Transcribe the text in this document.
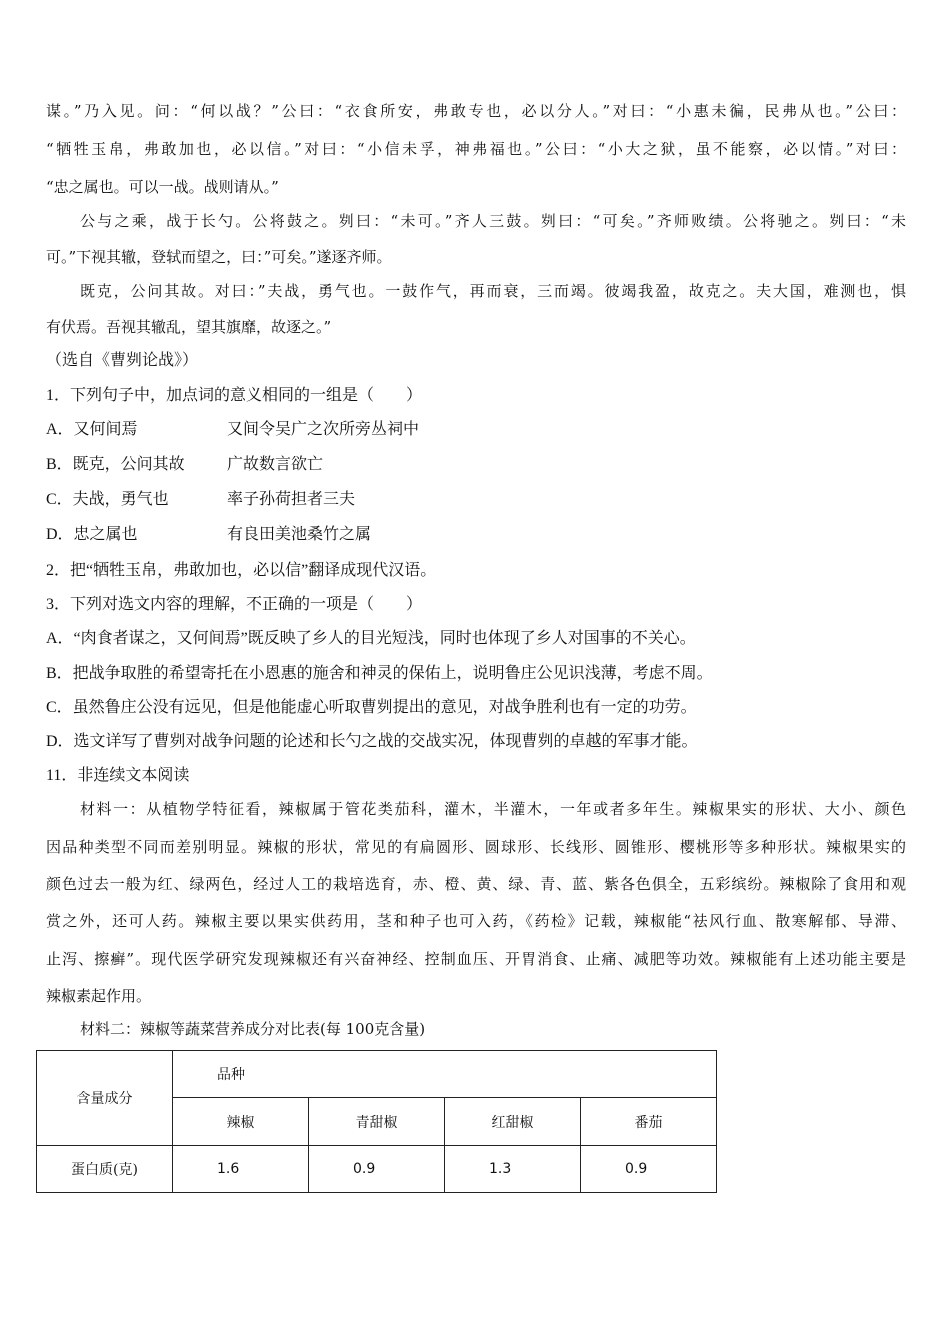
谋。”乃入见。问：“何以战？”公曰：“衣食所安，弗敢专也，必以分人。”对曰：“小惠未徧，民弗从也。”公曰：
“牺牲玉帛，弗敢加也，必以信。”对曰：“小信未孚，神弗福也。”公曰：“小大之狱，虽不能察，必以情。”对曰：
“忠之属也。可以一战。战则请从。”
公与之乘，战于长勺。公将鼓之。刿曰：“未可。”齐人三鼓。刿曰：“可矣。”齐师败绩。公将驰之。刿曰：“未
可。”下视其辙，登轼而望之，曰：”可矣。”遂逐齐师。
既克，公问其故。对曰：”夫战，勇气也。一鼓作气，再而衰，三而竭。彼竭我盈，故克之。夫大国，难测也，惧
有伏焉。吾视其辙乱，望其旗靡，故逐之。”
（选自《曹刿论战》）
1．下列句子中，加点词的意义相同的一组是（　　）
A．又何间焉	又间令吴广之次所旁丛祠中
B．既克，公问其故	广故数言欲亡
C．夫战，勇气也	率子孙荷担者三夫
D．忠之属也	有良田美池桑竹之属
2．把“牺牲玉帛，弗敢加也，必以信”翻译成现代汉语。
3．下列对选文内容的理解，不正确的一项是（　　）
A．“肉食者谋之，又何间焉”既反映了乡人的目光短浅，同时也体现了乡人对国事的不关心。
B．把战争取胜的希望寄托在小恩惠的施舍和神灵的保佑上，说明鲁庄公见识浅薄，考虑不周。
C．虽然鲁庄公没有远见，但是他能虚心听取曹刿提出的意见，对战争胜利也有一定的功劳。
D．选文详写了曹刿对战争问题的论述和长勺之战的交战实况，体现曹刿的卓越的军事才能。
11．非连续文本阅读
材料一：从植物学特征看，辣椒属于管花类茄科，灌木，半灌木，一年或者多年生。辣椒果实的形状、大小、颜色
因品种类型不同而差别明显。辣椒的形状，常见的有扁圆形、圆球形、长线形、圆锥形、樱桃形等多种形状。辣椒果实的
颜色过去一般为红、绿两色，经过人工的栽培选育，赤、橙、黄、绿、青、蓝、紫各色俱全，五彩缤纷。辣椒除了食用和观
赏之外，还可人药。辣椒主要以果实供药用，茎和种子也可入药，《药检》记载，辣椒能“祛风行血、散寒解郁、导滞、
止泻、擦癣”。现代医学研究发现辣椒还有兴奋神经、控制血压、开胃消食、止痛、减肥等功效。辣椒能有上述功能主要是
辣椒素起作用。
材料二：辣椒等蔬菜营养成分对比表(每 100克含量)
含量成分	品种			
	辣椒	青甜椒	红甜椒	番茄
蛋白质(克)	1.6	0.9	1.3	0.9
